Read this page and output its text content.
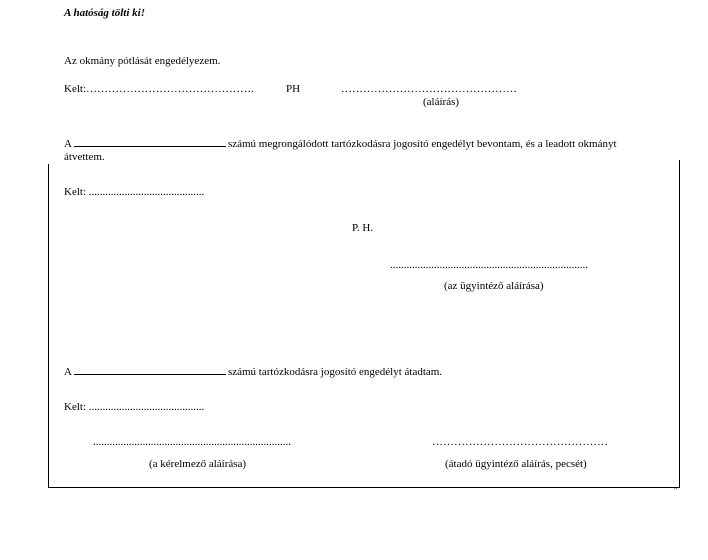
A hatóság tölti ki!
Az okmány pótlását engedélyezem.
Kelt:……………………………………….	PH	…………………………………………
(aláírás)
A	számú megrongálódott tartózkodásra jogosító engedélyt bevontam, és a leadott okmányt
átvettem.
Kelt: ..........................................
P. H.
........................................................................
(az ügyintéző aláírása)
A	számú tartózkodásra jogosító engedélyt átadtam.
Kelt: ..........................................
........................................................................
(a kérelmező aláírása)
…………………………………………
(átadó ügyintéző aláírás, pecsét)
"
